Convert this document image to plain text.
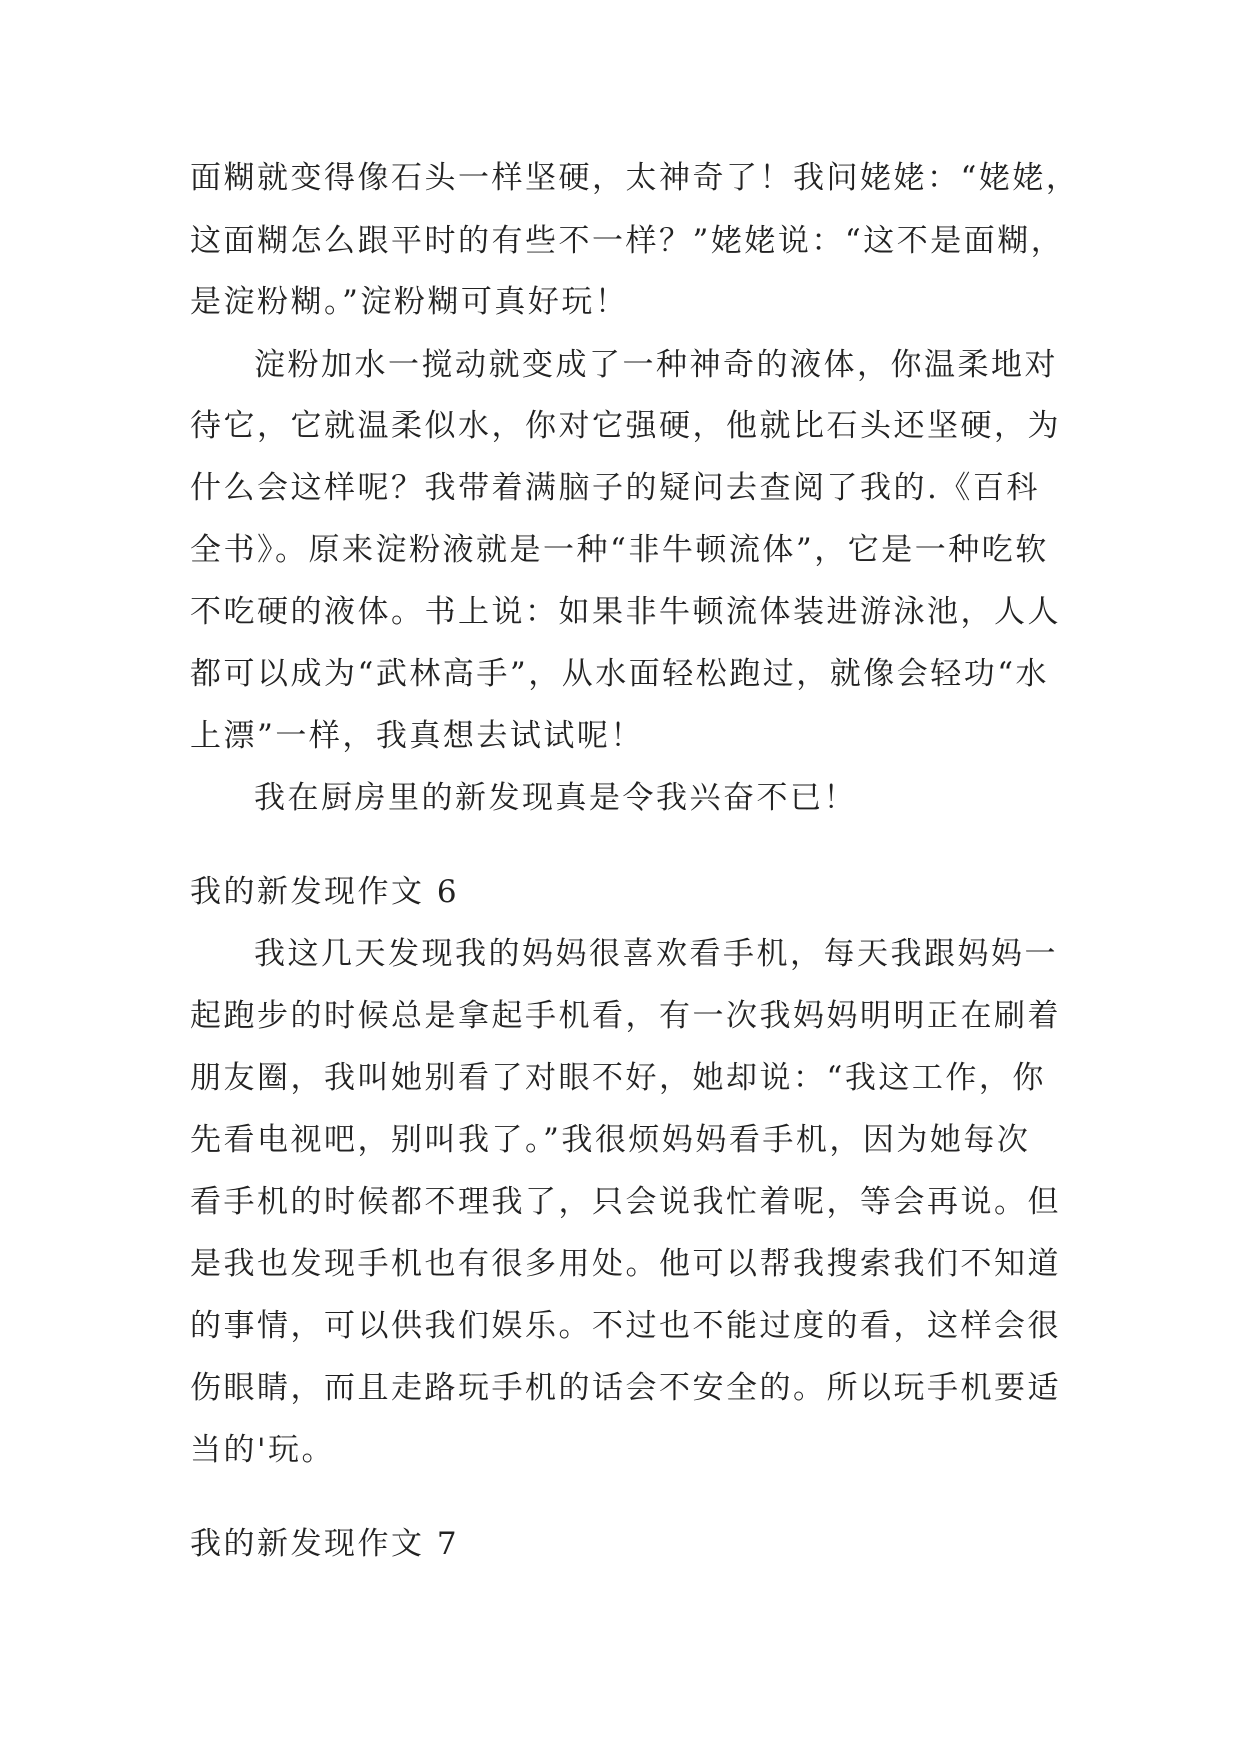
面糊就变得像石头一样坚硬，太神奇了！我问姥姥：“姥姥，
这面糊怎么跟平时的有些不一样？”姥姥说：“这不是面糊，
是淀粉糊。”淀粉糊可真好玩！
淀粉加水一搅动就变成了一种神奇的液体，你温柔地对
待它，它就温柔似水，你对它强硬，他就比石头还坚硬，为
什么会这样呢？我带着满脑子的疑问去查阅了我的.《百科
全书》。原来淀粉液就是一种“非牛顿流体”，它是一种吃软
不吃硬的液体。书上说：如果非牛顿流体装进游泳池，人人
都可以成为“武林高手”，从水面轻松跑过，就像会轻功“水
上漂”一样，我真想去试试呢！
我在厨房里的新发现真是令我兴奋不已！
我的新发现作文 6
我这几天发现我的妈妈很喜欢看手机，每天我跟妈妈一
起跑步的时候总是拿起手机看，有一次我妈妈明明正在刷着
朋友圈，我叫她别看了对眼不好，她却说：“我这工作，你
先看电视吧，别叫我了。”我很烦妈妈看手机，因为她每次
看手机的时候都不理我了，只会说我忙着呢，等会再说。但
是我也发现手机也有很多用处。他可以帮我搜索我们不知道
的事情，可以供我们娱乐。不过也不能过度的看，这样会很
伤眼睛，而且走路玩手机的话会不安全的。所以玩手机要适
当的'玩。
我的新发现作文 7
